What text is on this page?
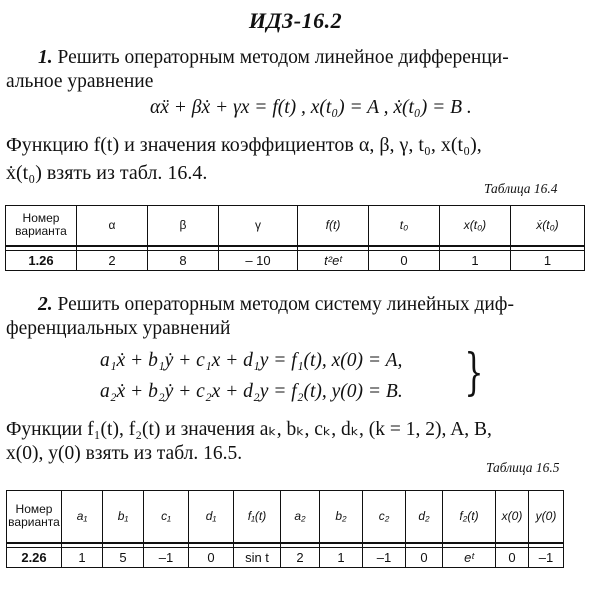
ИДЗ-16.2
1. Решить операторным методом линейное дифференци-
альное уравнение
αẍ + βẋ + γx = f(t) , x(t₀) = A , ẋ(t₀) = B .
Функцию f(t) и значения коэффициентов α, β, γ, t₀, x(t₀),
ẋ(t₀) взять из табл. 16.4.
Таблица 16.4
Номер варианта	α	β	γ	f(t)	t₀	x(t₀)	ẋ(t₀)

1.26	2	8	– 10	t²eᵗ	0	1	1
2. Решить операторным методом систему линейных диф-
ференциальных уравнений
a₁ẋ + b₁ẏ + c₁x + d₁y = f₁(t), x(0) = A,
a₂ẋ + b₂ẏ + c₂x + d₂y = f₂(t), y(0) = B. }
Функции f₁(t), f₂(t) и значения aₖ, bₖ, cₖ, dₖ, (k = 1, 2), A, B,
x(0), y(0) взять из табл. 16.5.
Таблица 16.5
Номер варианта	a₁	b₁	c₁	d₁	f₁(t)	a₂	b₂	c₂	d₂	f₂(t)	x(0)	y(0)

2.26	1	5	–1	0	sin t	2	1	–1	0	eᵗ	0	–1
